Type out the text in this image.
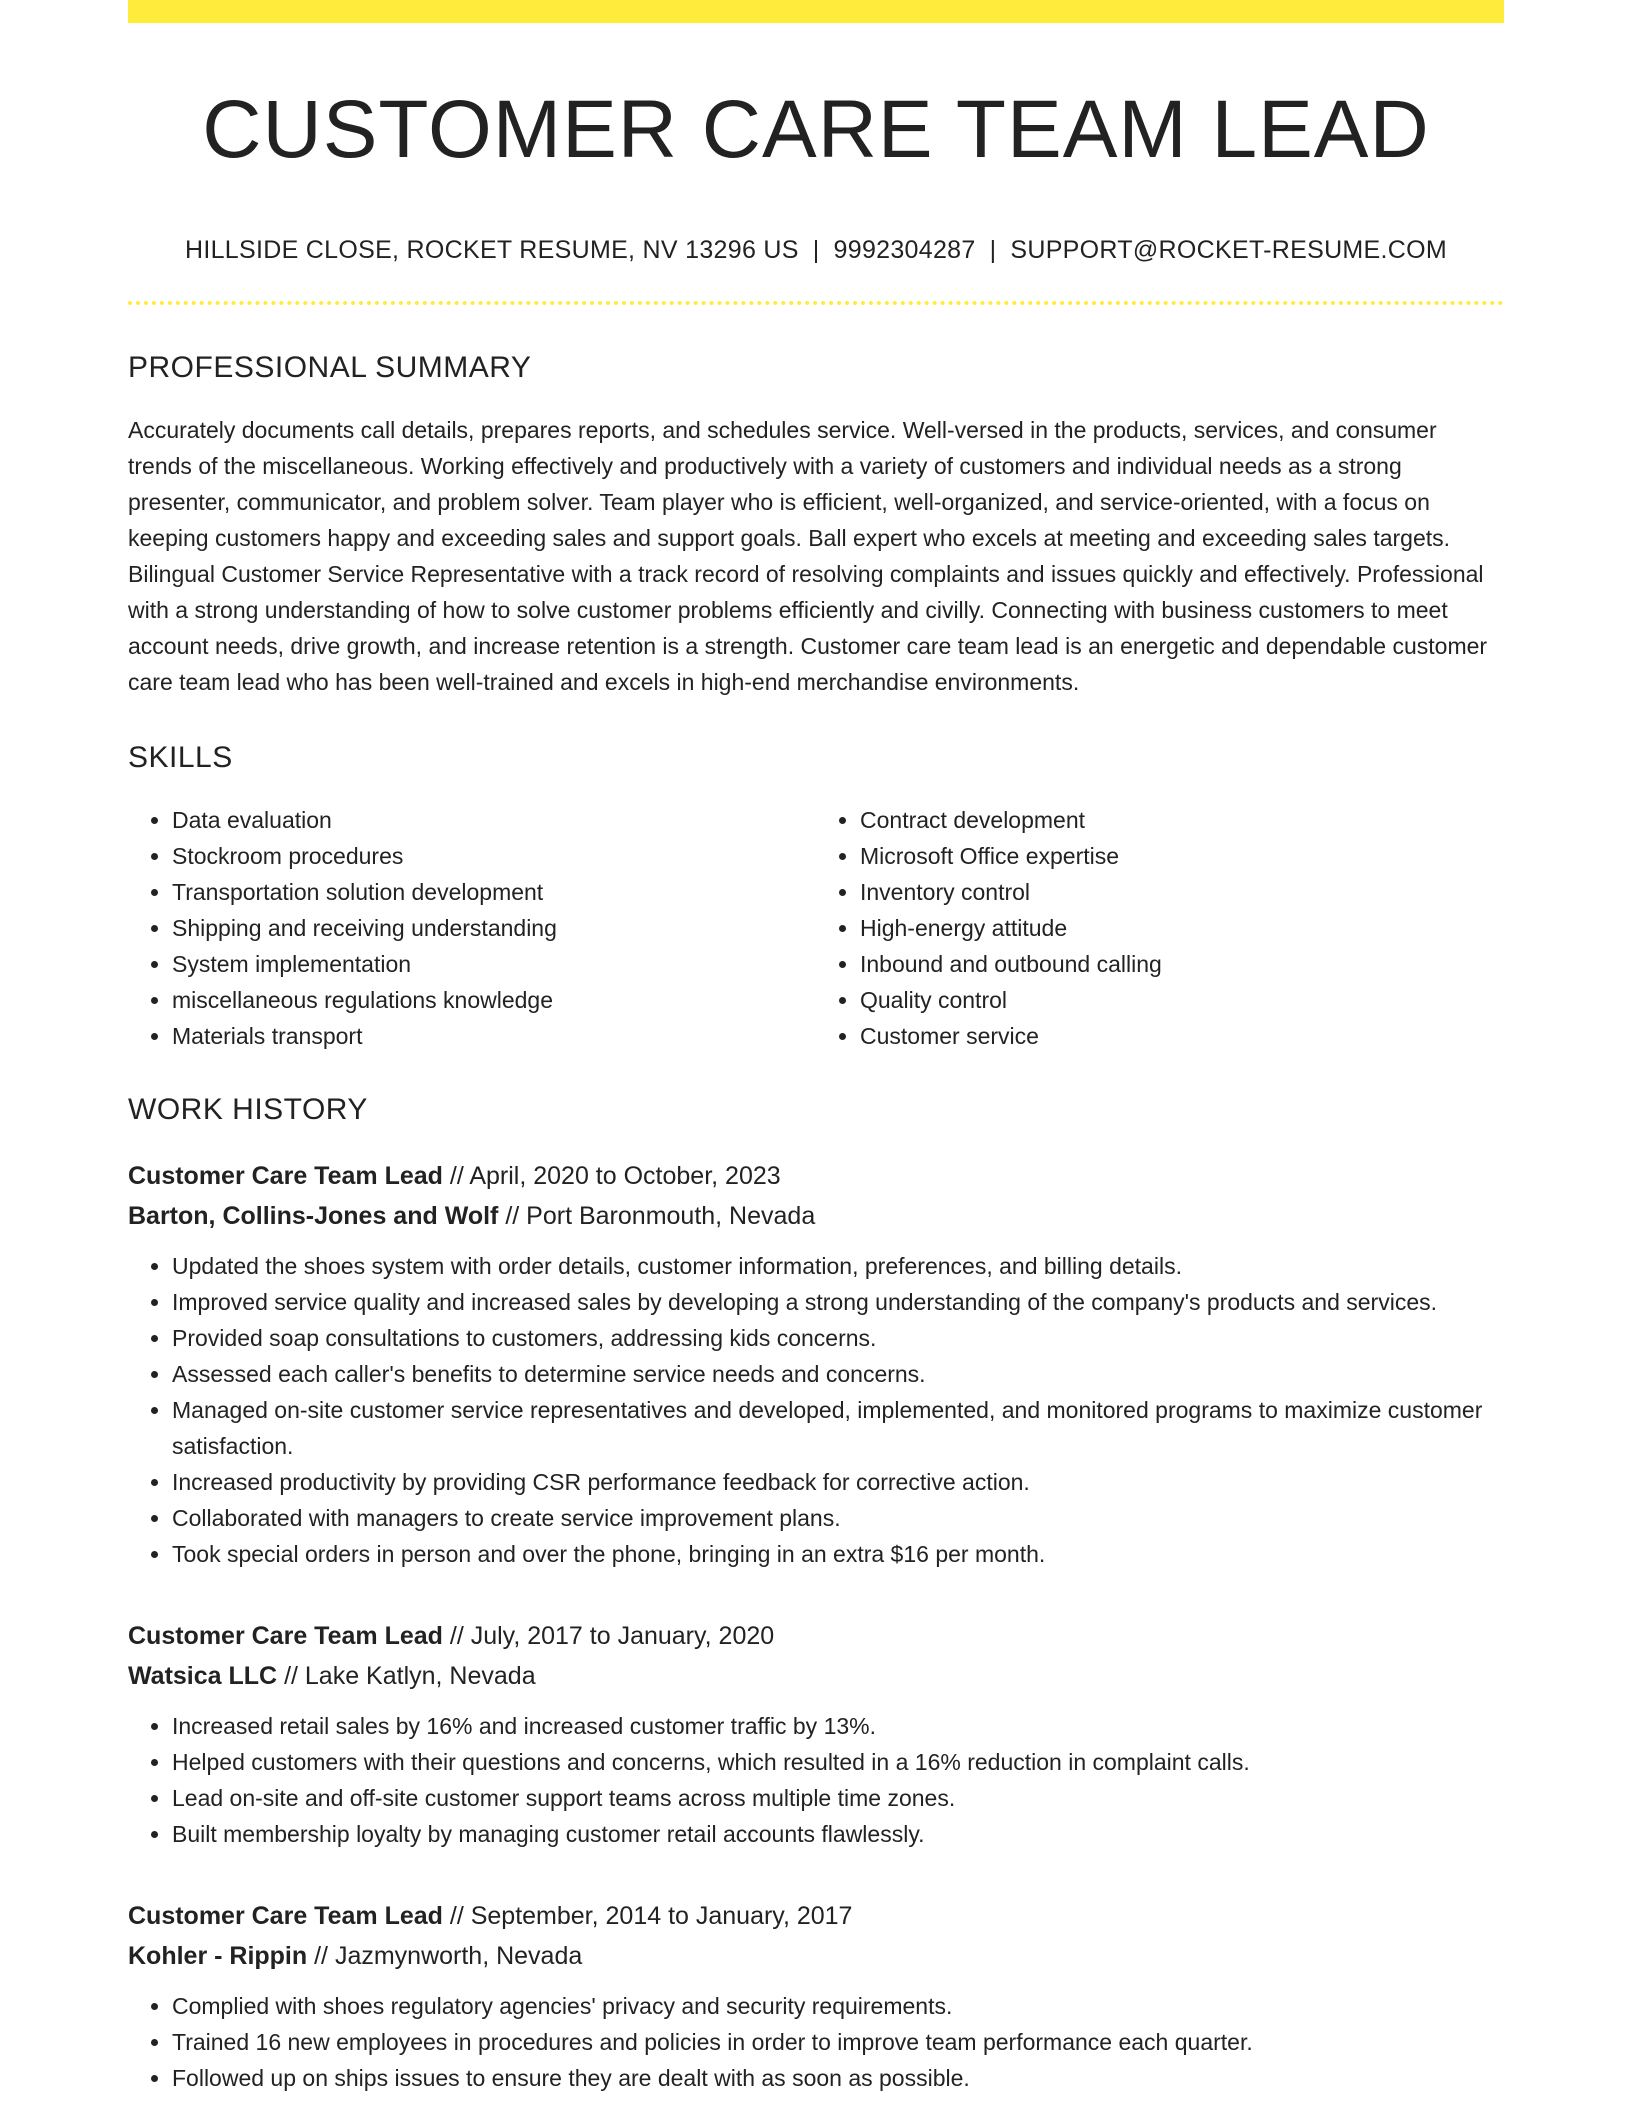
CUSTOMER CARE TEAM LEAD
HILLSIDE CLOSE, ROCKET RESUME, NV 13296 US | 9992304287 | SUPPORT@ROCKET-RESUME.COM
PROFESSIONAL SUMMARY

Accurately documents call details, prepares reports, and schedules service. Well-versed in the products, services, and consumer trends of the miscellaneous. Working effectively and productively with a variety of customers and individual needs as a strong presenter, communicator, and problem solver. Team player who is efficient, well-organized, and service-oriented, with a focus on keeping customers happy and exceeding sales and support goals. Ball expert who excels at meeting and exceeding sales targets. Bilingual Customer Service Representative with a track record of resolving complaints and issues quickly and effectively. Professional with a strong understanding of how to solve customer problems efficiently and civilly. Connecting with business customers to meet account needs, drive growth, and increase retention is a strength. Customer care team lead is an energetic and dependable customer care team lead who has been well-trained and excels in high-end merchandise environments.

SKILLS
• Data evaluation
• Stockroom procedures
• Transportation solution development
• Shipping and receiving understanding
• System implementation
• miscellaneous regulations knowledge
• Materials transport
• Contract development
• Microsoft Office expertise
• Inventory control
• High-energy attitude
• Inbound and outbound calling
• Quality control
• Customer service
WORK HISTORY
Customer Care Team Lead // April, 2020 to October, 2023
Barton, Collins-Jones and Wolf // Port Baronmouth, Nevada
• Updated the shoes system with order details, customer information, preferences, and billing details.
• Improved service quality and increased sales by developing a strong understanding of the company's products and services.
• Provided soap consultations to customers, addressing kids concerns.
• Assessed each caller's benefits to determine service needs and concerns.
• Managed on-site customer service representatives and developed, implemented, and monitored programs to maximize customer satisfaction.
• Increased productivity by providing CSR performance feedback for corrective action.
• Collaborated with managers to create service improvement plans.
• Took special orders in person and over the phone, bringing in an extra $16 per month.
Customer Care Team Lead // July, 2017 to January, 2020
Watsica LLC // Lake Katlyn, Nevada
• Increased retail sales by 16% and increased customer traffic by 13%.
• Helped customers with their questions and concerns, which resulted in a 16% reduction in complaint calls.
• Lead on-site and off-site customer support teams across multiple time zones.
• Built membership loyalty by managing customer retail accounts flawlessly.
Customer Care Team Lead // September, 2014 to January, 2017
Kohler - Rippin // Jazmynworth, Nevada
• Complied with shoes regulatory agencies' privacy and security requirements.
• Trained 16 new employees in procedures and policies in order to improve team performance each quarter.
• Followed up on ships issues to ensure they are dealt with as soon as possible.
